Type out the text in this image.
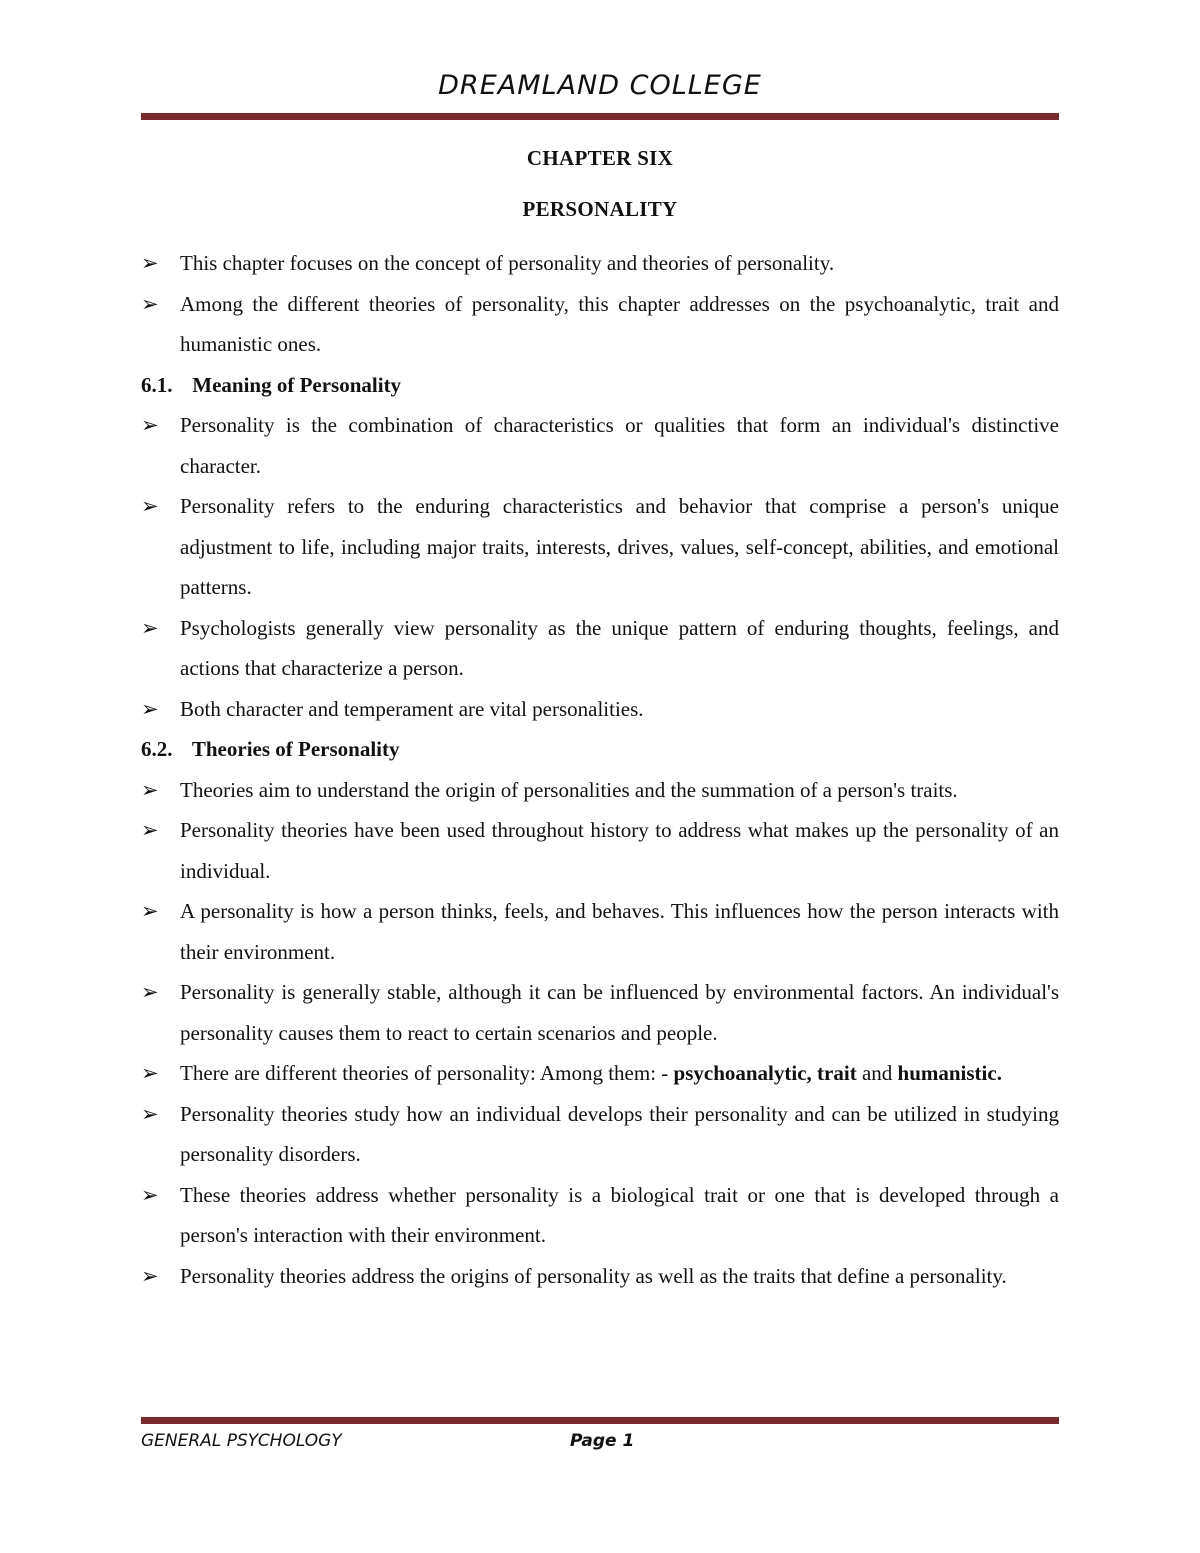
DREAMLAND COLLEGE
CHAPTER SIX
PERSONALITY
➢ This chapter focuses on the concept of personality and theories of personality.
➢ Among the different theories of personality, this chapter addresses on the psychoanalytic, trait and humanistic ones.
6.1. Meaning of Personality
➢ Personality is the combination of characteristics or qualities that form an individual's distinctive character.
➢ Personality refers to the enduring characteristics and behavior that comprise a person's unique adjustment to life, including major traits, interests, drives, values, self-concept, abilities, and emotional patterns.
➢ Psychologists generally view personality as the unique pattern of enduring thoughts, feelings, and actions that characterize a person.
➢ Both character and temperament are vital personalities.
6.2. Theories of Personality
➢ Theories aim to understand the origin of personalities and the summation of a person's traits.
➢ Personality theories have been used throughout history to address what makes up the personality of an individual.
➢ A personality is how a person thinks, feels, and behaves. This influences how the person interacts with their environment.
➢ Personality is generally stable, although it can be influenced by environmental factors. An individual's personality causes them to react to certain scenarios and people.
➢ There are different theories of personality: Among them: - psychoanalytic, trait and humanistic.
➢ Personality theories study how an individual develops their personality and can be utilized in studying personality disorders.
➢ These theories address whether personality is a biological trait or one that is developed through a person's interaction with their environment.
➢ Personality theories address the origins of personality as well as the traits that define a personality.
GENERAL PSYCHOLOGY	Page 1
